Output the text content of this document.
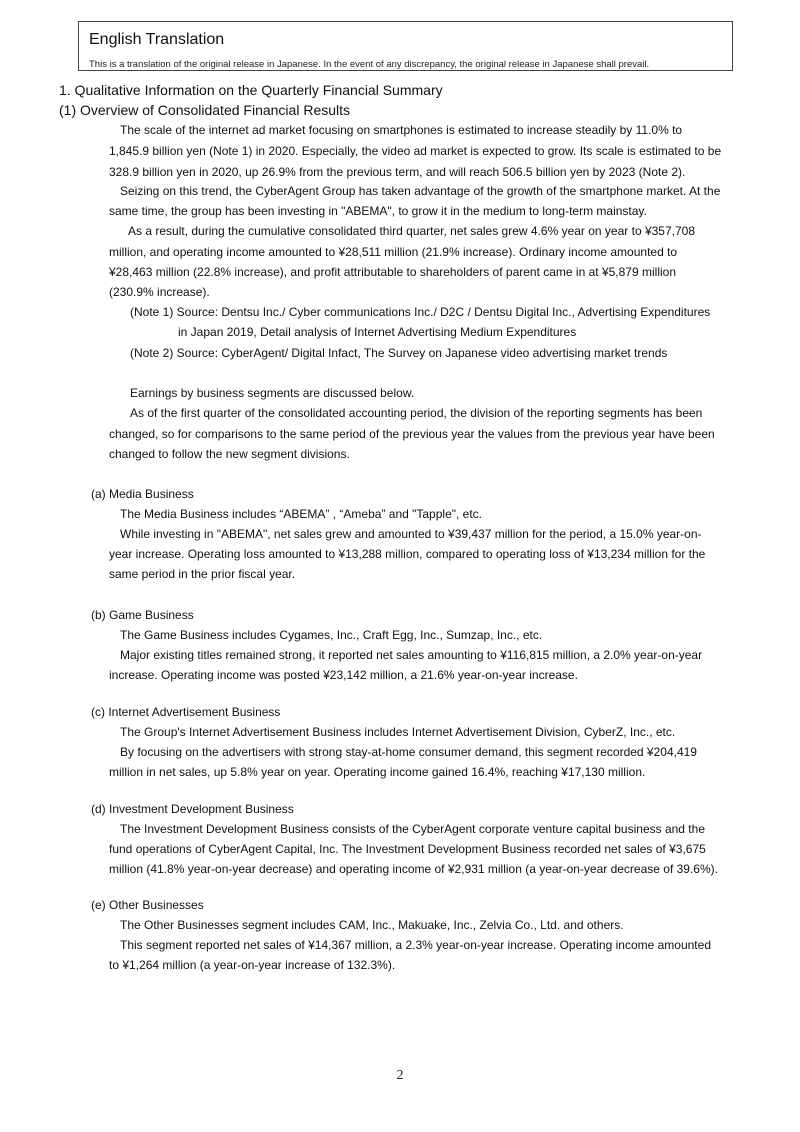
English Translation
This is a translation of the original release in Japanese. In the event of any discrepancy, the original release in Japanese shall prevail.
1. Qualitative Information on the Quarterly Financial Summary
(1) Overview of Consolidated Financial Results
The scale of the internet ad market focusing on smartphones is estimated to increase steadily by 11.0% to
1,845.9 billion yen (Note 1) in 2020. Especially, the video ad market is expected to grow. Its scale is estimated to be
328.9 billion yen in 2020, up 26.9% from the previous term, and will reach 506.5 billion yen by 2023 (Note 2).
Seizing on this trend, the CyberAgent Group has taken advantage of the growth of the smartphone market. At the
same time, the group has been investing in "ABEMA", to grow it in the medium to long-term mainstay.
As a result, during the cumulative consolidated third quarter, net sales grew 4.6% year on year to ¥357,708
million, and operating income amounted to ¥28,511 million (21.9% increase). Ordinary income amounted to
¥28,463 million (22.8% increase), and profit attributable to shareholders of parent came in at ¥5,879 million
(230.9% increase).
(Note 1) Source: Dentsu Inc./ Cyber communications Inc./ D2C / Dentsu Digital Inc., Advertising Expenditures
in Japan 2019, Detail analysis of Internet Advertising Medium Expenditures
(Note 2) Source: CyberAgent/ Digital Infact, The Survey on Japanese video advertising market trends
Earnings by business segments are discussed below.
As of the first quarter of the consolidated accounting period, the division of the reporting segments has been
changed, so for comparisons to the same period of the previous year the values from the previous year have been
changed to follow the new segment divisions.
(a) Media Business
The Media Business includes “ABEMA” , “Ameba” and "Tapple", etc.
While investing in "ABEMA", net sales grew and amounted to ¥39,437 million for the period, a 15.0% year-on-
year increase. Operating loss amounted to ¥13,288 million, compared to operating loss of ¥13,234 million for the
same period in the prior fiscal year.
(b) Game Business
The Game Business includes Cygames, Inc., Craft Egg, Inc., Sumzap, Inc., etc.
Major existing titles remained strong, it reported net sales amounting to ¥116,815 million, a 2.0% year-on-year
increase. Operating income was posted ¥23,142 million, a 21.6% year-on-year increase.
(c) Internet Advertisement Business
The Group's Internet Advertisement Business includes Internet Advertisement Division, CyberZ, Inc., etc.
By focusing on the advertisers with strong stay-at-home consumer demand, this segment recorded ¥204,419
million in net sales, up 5.8% year on year. Operating income gained 16.4%, reaching ¥17,130 million.
(d) Investment Development Business
The Investment Development Business consists of the CyberAgent corporate venture capital business and the
fund operations of CyberAgent Capital, Inc. The Investment Development Business recorded net sales of ¥3,675
million (41.8% year-on-year decrease) and operating income of ¥2,931 million (a year-on-year decrease of 39.6%).
(e) Other Businesses
The Other Businesses segment includes CAM, Inc., Makuake, Inc., Zelvia Co., Ltd. and others.
This segment reported net sales of ¥14,367 million, a 2.3% year-on-year increase. Operating income amounted
to ¥1,264 million (a year-on-year increase of 132.3%).
2
